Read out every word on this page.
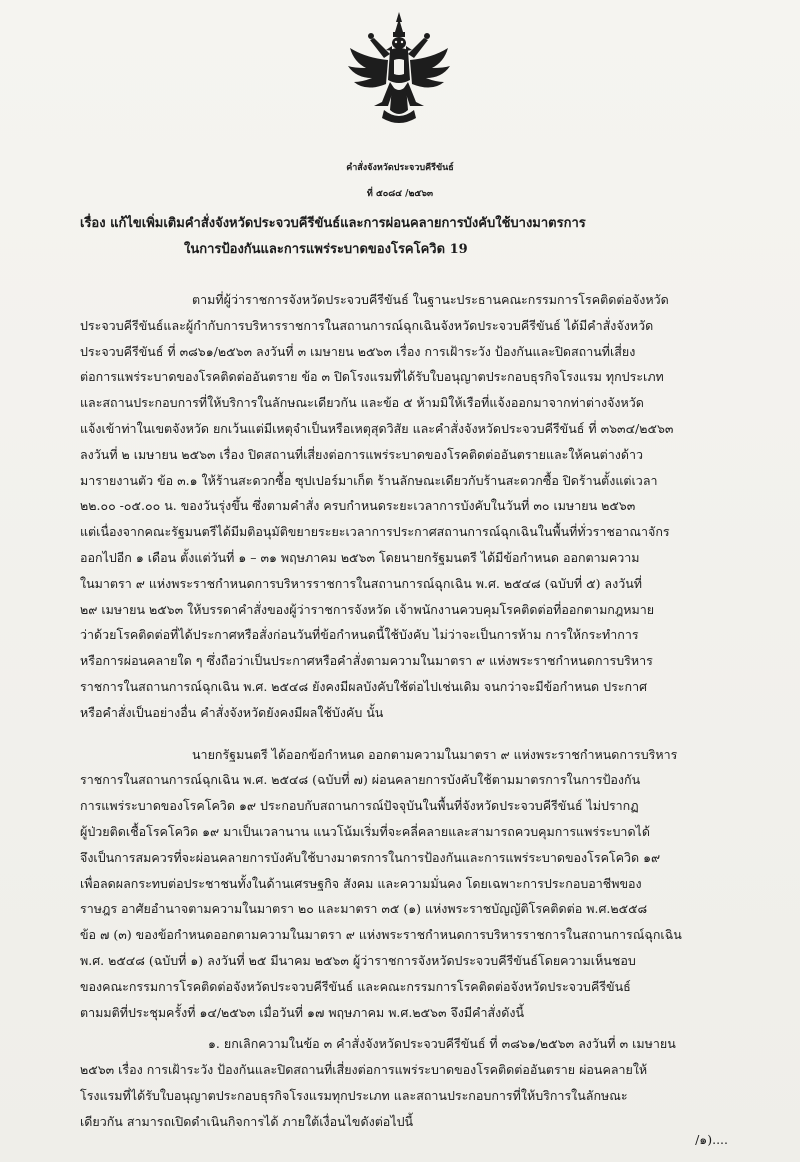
คำสั่งจังหวัดประจวบคีรีขันธ์
ที่ ๕๐๘๔ /๒๕๖๓
เรื่อง แก้ไขเพิ่มเติมคำสั่งจังหวัดประจวบคีรีขันธ์และการผ่อนคลายการบังคับใช้บางมาตรการ
ในการป้องกันและการแพร่ระบาดของโรคโควิด 19
ตามที่ผู้ว่าราชการจังหวัดประจวบคีรีขันธ์ ในฐานะประธานคณะกรรมการโรคติดต่อจังหวัด
ประจวบคีรีขันธ์และผู้กำกับการบริหารราชการในสถานการณ์ฉุกเฉินจังหวัดประจวบคีรีขันธ์ ได้มีคำสั่งจังหวัด
ประจวบคีรีขันธ์ ที่ ๓๘๖๑/๒๕๖๓ ลงวันที่ ๓ เมษายน ๒๕๖๓ เรื่อง การเฝ้าระวัง ป้องกันและปิดสถานที่เสี่ยง
ต่อการแพร่ระบาดของโรคติดต่ออันตราย ข้อ ๓ ปิดโรงแรมที่ได้รับใบอนุญาตประกอบธุรกิจโรงแรม ทุกประเภท
และสถานประกอบการที่ให้บริการในลักษณะเดียวกัน และข้อ ๕ ห้ามมิให้เรือที่แจ้งออกมาจากท่าต่างจังหวัด
แจ้งเข้าท่าในเขตจังหวัด ยกเว้นแต่มีเหตุจำเป็นหรือเหตุสุดวิสัย และคำสั่งจังหวัดประจวบคีรีขันธ์ ที่ ๓๖๓๔/๒๕๖๓
ลงวันที่ ๒ เมษายน ๒๕๖๓ เรื่อง ปิดสถานที่เสี่ยงต่อการแพร่ระบาดของโรคติดต่ออันตรายและให้คนต่างด้าว
มารายงานตัว ข้อ ๓.๑ ให้ร้านสะดวกซื้อ ซุปเปอร์มาเก็ต ร้านลักษณะเดียวกับร้านสะดวกซื้อ ปิดร้านตั้งแต่เวลา
๒๒.๐๐ -๐๕.๐๐ น. ของวันรุ่งขึ้น ซึ่งตามคำสั่ง ครบกำหนดระยะเวลาการบังคับในวันที่ ๓๐ เมษายน ๒๕๖๓
แต่เนื่องจากคณะรัฐมนตรีได้มีมติอนุมัติขยายระยะเวลาการประกาศสถานการณ์ฉุกเฉินในพื้นที่ทั่วราชอาณาจักร
ออกไปอีก ๑ เดือน ตั้งแต่วันที่ ๑ – ๓๑ พฤษภาคม ๒๕๖๓ โดยนายกรัฐมนตรี ได้มีข้อกำหนด ออกตามความ
ในมาตรา ๙ แห่งพระราชกำหนดการบริหารราชการในสถานการณ์ฉุกเฉิน พ.ศ. ๒๕๔๘ (ฉบับที่ ๕) ลงวันที่
๒๙ เมษายน ๒๕๖๓ ให้บรรดาคำสั่งของผู้ว่าราชการจังหวัด เจ้าพนักงานควบคุมโรคติดต่อที่ออกตามกฎหมาย
ว่าด้วยโรคติดต่อที่ได้ประกาศหรือสั่งก่อนวันที่ข้อกำหนดนี้ใช้บังคับ ไม่ว่าจะเป็นการห้าม การให้กระทำการ
หรือการผ่อนคลายใด ๆ ซึ่งถือว่าเป็นประกาศหรือคำสั่งตามความในมาตรา ๙ แห่งพระราชกำหนดการบริหาร
ราชการในสถานการณ์ฉุกเฉิน พ.ศ. ๒๕๔๘ ยังคงมีผลบังคับใช้ต่อไปเช่นเดิม จนกว่าจะมีข้อกำหนด ประกาศ
หรือคำสั่งเป็นอย่างอื่น คำสั่งจังหวัดยังคงมีผลใช้บังคับ นั้น
นายกรัฐมนตรี ได้ออกข้อกำหนด ออกตามความในมาตรา ๙ แห่งพระราชกำหนดการบริหาร
ราชการในสถานการณ์ฉุกเฉิน พ.ศ. ๒๕๔๘ (ฉบับที่ ๗) ผ่อนคลายการบังคับใช้ตามมาตรการในการป้องกัน
การแพร่ระบาดของโรคโควิด ๑๙ ประกอบกับสถานการณ์ปัจจุบันในพื้นที่จังหวัดประจวบคีรีขันธ์ ไม่ปรากฏ
ผู้ป่วยติดเชื้อโรคโควิด ๑๙ มาเป็นเวลานาน แนวโน้มเริ่มที่จะคลี่คลายและสามารถควบคุมการแพร่ระบาดได้
จึงเป็นการสมควรที่จะผ่อนคลายการบังคับใช้บางมาตรการในการป้องกันและการแพร่ระบาดของโรคโควิด ๑๙
เพื่อลดผลกระทบต่อประชาชนทั้งในด้านเศรษฐกิจ สังคม และความมั่นคง โดยเฉพาะการประกอบอาชีพของ
ราษฎร อาศัยอำนาจตามความในมาตรา ๒๐ และมาตรา ๓๕ (๑) แห่งพระราชบัญญัติโรคติดต่อ พ.ศ.๒๕๕๘
ข้อ ๗ (๓) ของข้อกำหนดออกตามความในมาตรา ๙ แห่งพระราชกำหนดการบริหารราชการในสถานการณ์ฉุกเฉิน
พ.ศ. ๒๕๔๘ (ฉบับที่ ๑) ลงวันที่ ๒๕ มีนาคม ๒๕๖๓ ผู้ว่าราชการจังหวัดประจวบคีรีขันธ์โดยความเห็นชอบ
ของคณะกรรมการโรคติดต่อจังหวัดประจวบคีรีขันธ์ และคณะกรรมการโรคติดต่อจังหวัดประจวบคีรีขันธ์
ตามมติที่ประชุมครั้งที่ ๑๔/๒๕๖๓ เมื่อวันที่ ๑๗ พฤษภาคม พ.ศ.๒๕๖๓ จึงมีคำสั่งดังนี้
๑. ยกเลิกความในข้อ ๓ คำสั่งจังหวัดประจวบคีรีขันธ์ ที่ ๓๘๖๑/๒๕๖๓ ลงวันที่ ๓ เมษายน
๒๕๖๓ เรื่อง การเฝ้าระวัง ป้องกันและปิดสถานที่เสี่ยงต่อการแพร่ระบาดของโรคติดต่ออันตราย ผ่อนคลายให้
โรงแรมที่ได้รับใบอนุญาตประกอบธุรกิจโรงแรมทุกประเภท และสถานประกอบการที่ให้บริการในลักษณะ
เดียวกัน สามารถเปิดดำเนินกิจการได้ ภายใต้เงื่อนไขดังต่อไปนี้
/๑)....
